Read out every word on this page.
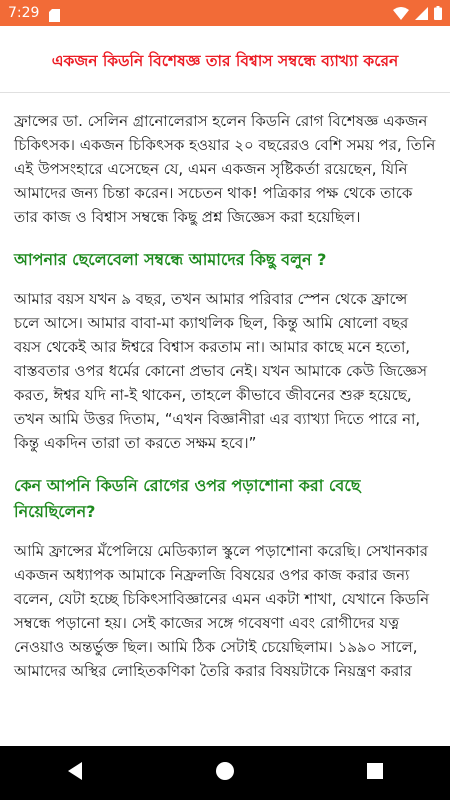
7:29
একজন কিডনি বিশেষজ্ঞ তার বিশ্বাস সম্বন্ধে ব্যাখ্যা করেন

ফ্রান্সের ডা. সেলিন গ্রানোলেরাস হলেন কিডনি রোগ বিশেষজ্ঞ একজন চিকিৎসক। একজন চিকিৎসক হওয়ার ২০ বছরেরও বেশি সময় পর, তিনি এই উপসংহারে এসেছেন যে, এমন একজন সৃষ্টিকর্তা রয়েছেন, যিনি আমাদের জন্য চিন্তা করেন। সচেতন থাক! পত্রিকার পক্ষ থেকে তাকে তার কাজ ও বিশ্বাস সম্বন্ধে কিছু প্রশ্ন জিজ্ঞেস করা হয়েছিল।

আপনার ছেলেবেলা সম্বন্ধে আমাদের কিছু বলুন ?

আমার বয়স যখন ৯ বছর, তখন আমার পরিবার স্পেন থেকে ফ্রান্সে চলে আসে। আমার বাবা-মা ক্যাথলিক ছিল, কিন্তু আমি ষোলো বছর বয়স থেকেই আর ঈশ্বরে বিশ্বাস করতাম না। আমার কাছে মনে হতো, বাস্তবতার ওপর ধর্মের কোনো প্রভাব নেই। যখন আমাকে কেউ জিজ্ঞেস করত, ঈশ্বর যদি না-ই থাকেন, তাহলে কীভাবে জীবনের শুরু হয়েছে, তখন আমি উত্তর দিতাম, “এখন বিজ্ঞানীরা এর ব্যাখ্যা দিতে পারে না, কিন্তু একদিন তারা তা করতে সক্ষম হবে।”

কেন আপনি কিডনি রোগের ওপর পড়াশোনা করা বেছে নিয়েছিলেন?

আমি ফ্রান্সের মঁপেলিয়ে মেডিক্যাল স্কুলে পড়াশোনা করেছি। সেখানকার একজন অধ্যাপক আমাকে নিফ্রলজি বিষয়ের ওপর কাজ করার জন্য বলেন, যেটা হচ্ছে চিকিৎসাবিজ্ঞানের এমন একটা শাখা, যেখানে কিডনি সম্বন্ধে পড়ানো হয়। সেই কাজের সঙ্গে গবেষণা এবং রোগীদের যত্ন নেওয়াও অন্তর্ভুক্ত ছিল। আমি ঠিক সেটাই চেয়েছিলাম। ১৯৯০ সালে, আমাদের অস্থির লোহিতকণিকা তৈরি করার বিষয়টাকে নিয়ন্ত্রণ করার
